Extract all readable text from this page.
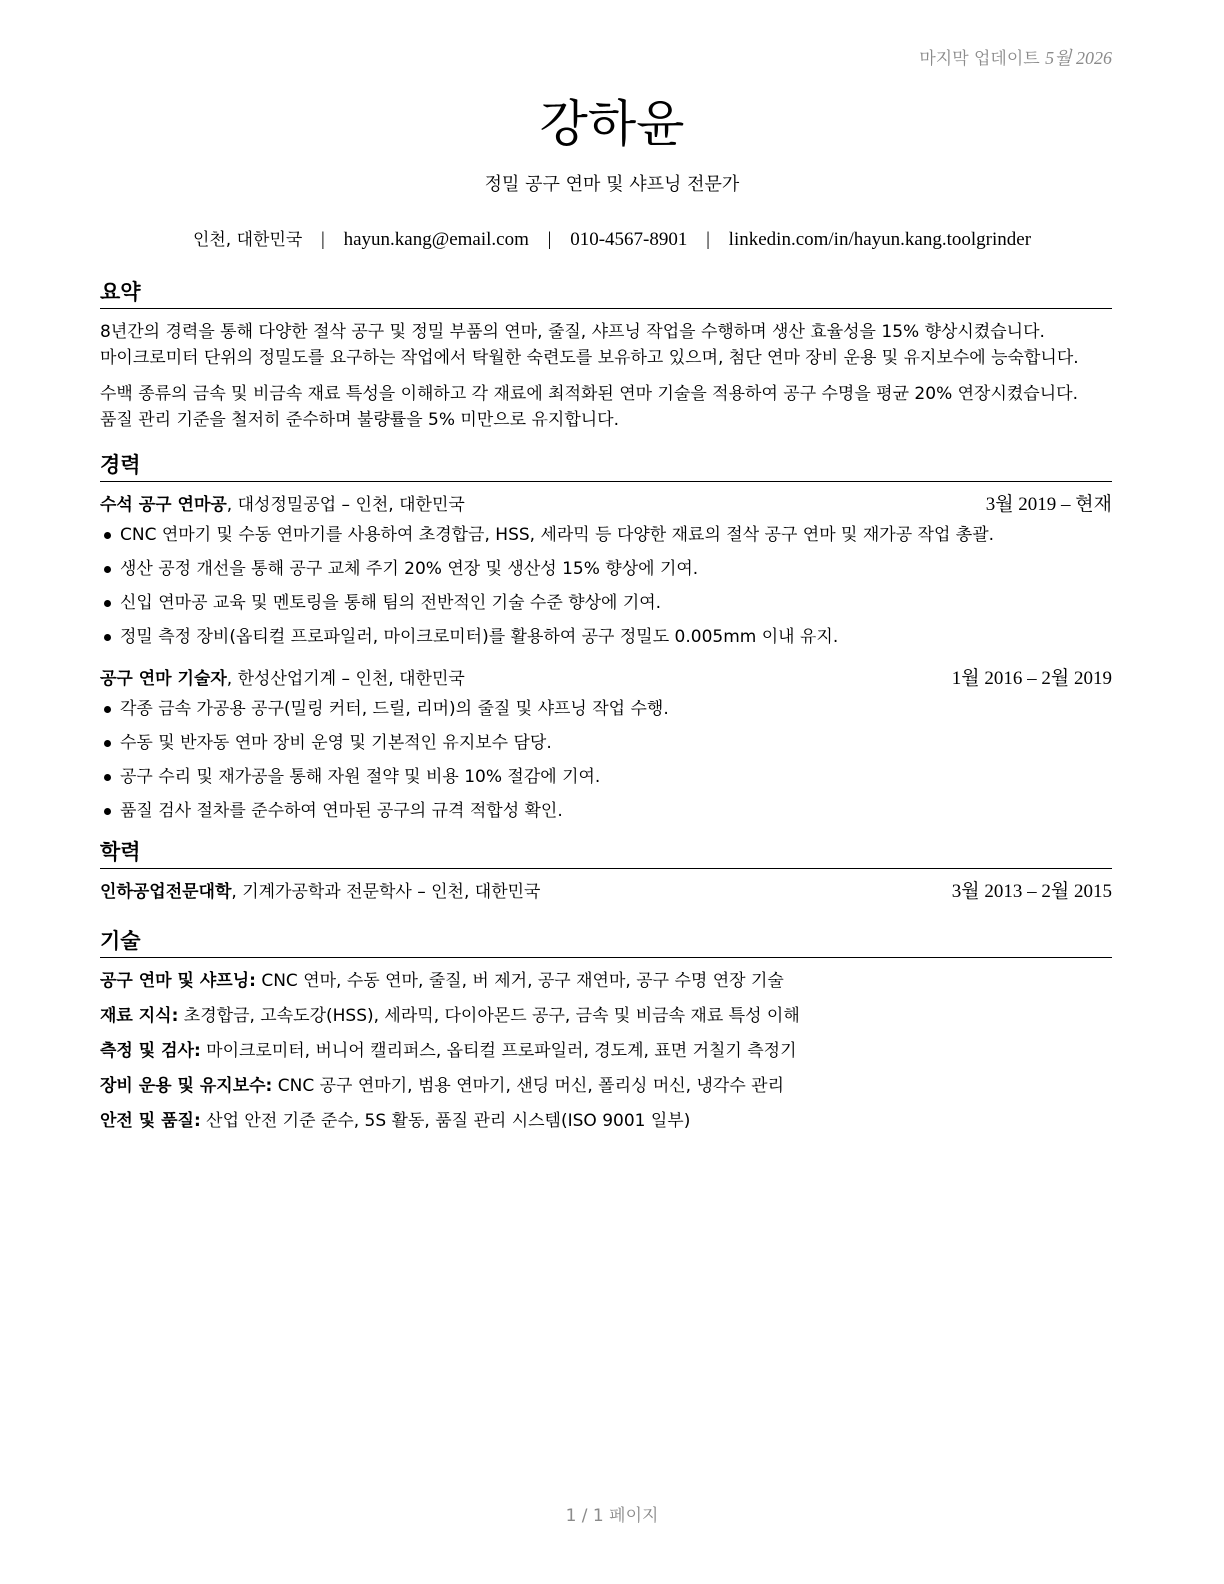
마지막 업데이트 5월 2026
강하윤
정밀 공구 연마 및 샤프닝 전문가
인천, 대한민국 | hayun.kang@email.com | 010-4567-8901 | linkedin.com/in/hayun.kang.toolgrinder
요약

8년간의 경력을 통해 다양한 절삭 공구 및 정밀 부품의 연마, 줄질, 샤프닝 작업을 수행하며 생산 효율성을 15% 향상시켰습니다. 마이크로미터 단위의 정밀도를 요구하는 작업에서 탁월한 숙련도를 보유하고 있으며, 첨단 연마 장비 운용 및 유지보수에 능숙합니다.

수백 종류의 금속 및 비금속 재료 특성을 이해하고 각 재료에 최적화된 연마 기술을 적용하여 공구 수명을 평균 20% 연장시켰습니다. 품질 관리 기준을 철저히 준수하며 불량률을 5% 미만으로 유지합니다.

경력
수석 공구 연마공, 대성정밀공업 – 인천, 대한민국	3월 2019 – 현재
CNC 연마기 및 수동 연마기를 사용하여 초경합금, HSS, 세라믹 등 다양한 재료의 절삭 공구 연마 및 재가공 작업 총괄.
생산 공정 개선을 통해 공구 교체 주기 20% 연장 및 생산성 15% 향상에 기여.
신입 연마공 교육 및 멘토링을 통해 팀의 전반적인 기술 수준 향상에 기여.
정밀 측정 장비(옵티컬 프로파일러, 마이크로미터)를 활용하여 공구 정밀도 0.005mm 이내 유지.
공구 연마 기술자, 한성산업기계 – 인천, 대한민국	1월 2016 – 2월 2019
각종 금속 가공용 공구(밀링 커터, 드릴, 리머)의 줄질 및 샤프닝 작업 수행.
수동 및 반자동 연마 장비 운영 및 기본적인 유지보수 담당.
공구 수리 및 재가공을 통해 자원 절약 및 비용 10% 절감에 기여.
품질 검사 절차를 준수하여 연마된 공구의 규격 적합성 확인.
학력
인하공업전문대학, 기계가공학과 전문학사 – 인천, 대한민국	3월 2013 – 2월 2015
기술
공구 연마 및 샤프닝: CNC 연마, 수동 연마, 줄질, 버 제거, 공구 재연마, 공구 수명 연장 기술
재료 지식: 초경합금, 고속도강(HSS), 세라믹, 다이아몬드 공구, 금속 및 비금속 재료 특성 이해
측정 및 검사: 마이크로미터, 버니어 캘리퍼스, 옵티컬 프로파일러, 경도계, 표면 거칠기 측정기
장비 운용 및 유지보수: CNC 공구 연마기, 범용 연마기, 샌딩 머신, 폴리싱 머신, 냉각수 관리
안전 및 품질: 산업 안전 기준 준수, 5S 활동, 품질 관리 시스템(ISO 9001 일부)
1 / 1 페이지
